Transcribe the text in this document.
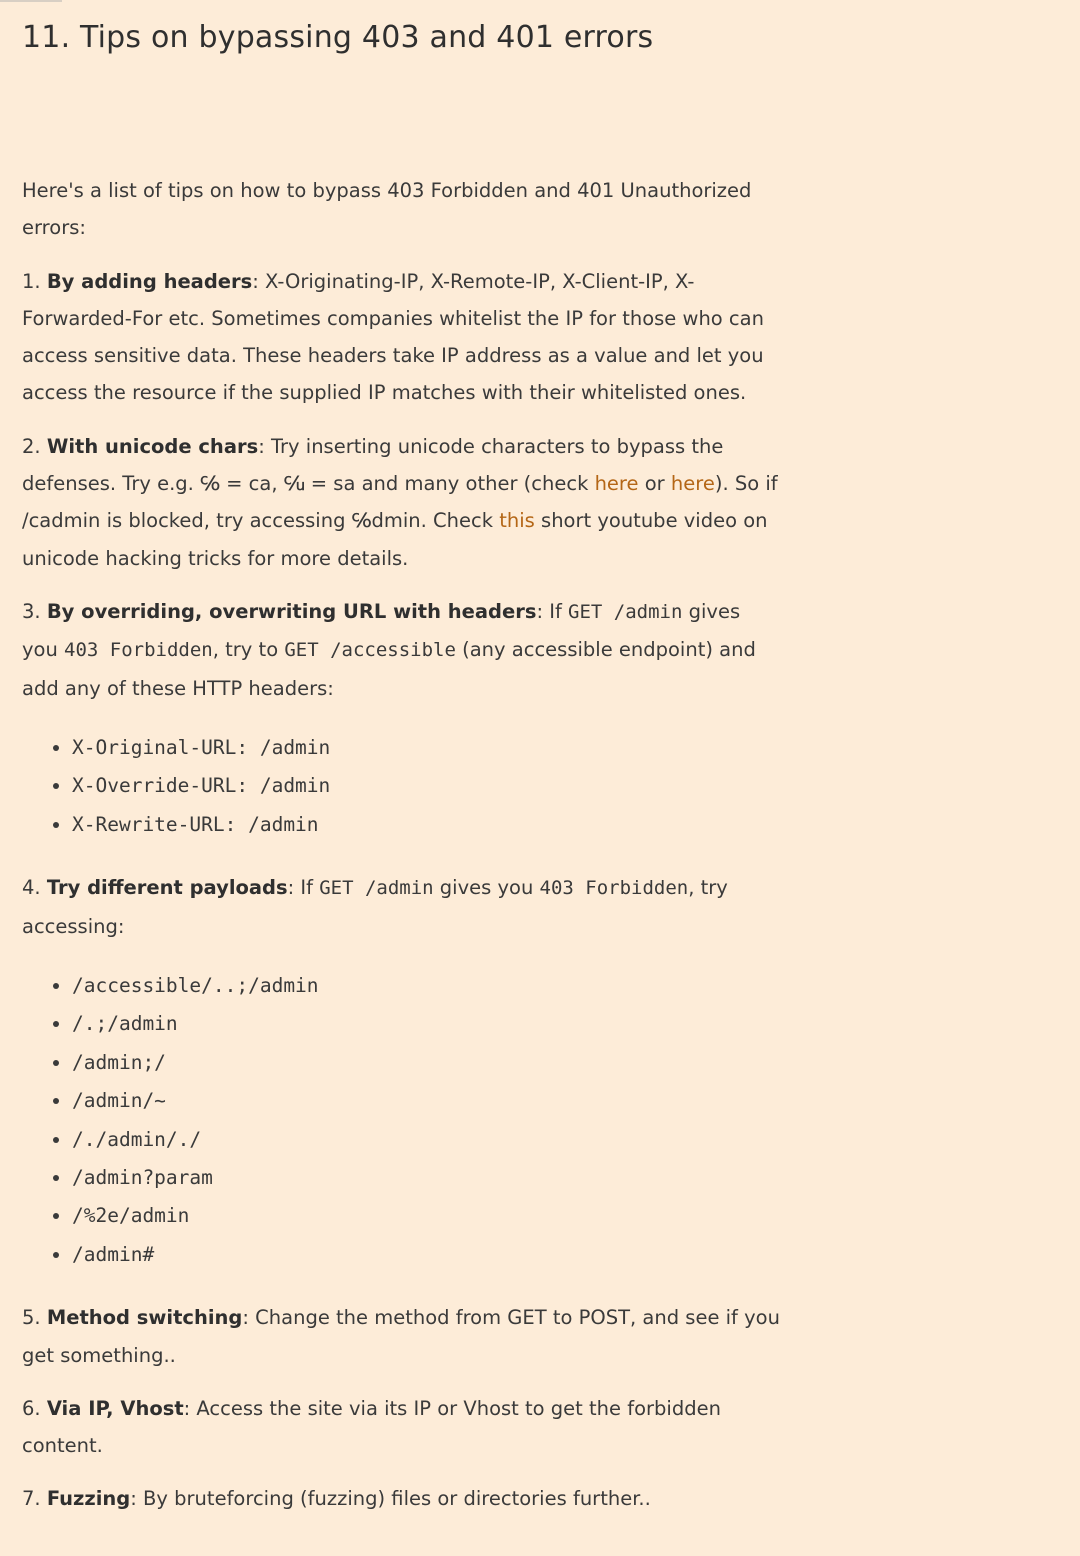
11. Tips on bypassing 403 and 401 errors

Here's a list of tips on how to bypass 403 Forbidden and 401 Unauthorized errors:

1. By adding headers: X-Originating-IP, X-Remote-IP, X-Client-IP, X-Forwarded-For etc. Sometimes companies whitelist the IP for those who can access sensitive data. These headers take IP address as a value and let you access the resource if the supplied IP matches with their whitelisted ones.

2. With unicode chars: Try inserting unicode characters to bypass the defenses. Try e.g. ℅ = ca, ℆ = sa and many other (check here or here). So if /cadmin is blocked, try accessing ℅dmin. Check this short youtube video on unicode hacking tricks for more details.

3. By overriding, overwriting URL with headers: If GET /admin gives you 403 Forbidden, try to GET /accessible (any accessible endpoint) and add any of these HTTP headers:

• X-Original-URL: /admin
• X-Override-URL: /admin
• X-Rewrite-URL: /admin

4. Try different payloads: If GET /admin gives you 403 Forbidden, try accessing:

• /accessible/..;/admin
• /.;/admin
• /admin;/
• /admin/~
• /./admin/./
• /admin?param
• /%2e/admin
• /admin#

5. Method switching: Change the method from GET to POST, and see if you get something..

6. Via IP, Vhost: Access the site via its IP or Vhost to get the forbidden content.

7. Fuzzing: By bruteforcing (fuzzing) files or directories further..
